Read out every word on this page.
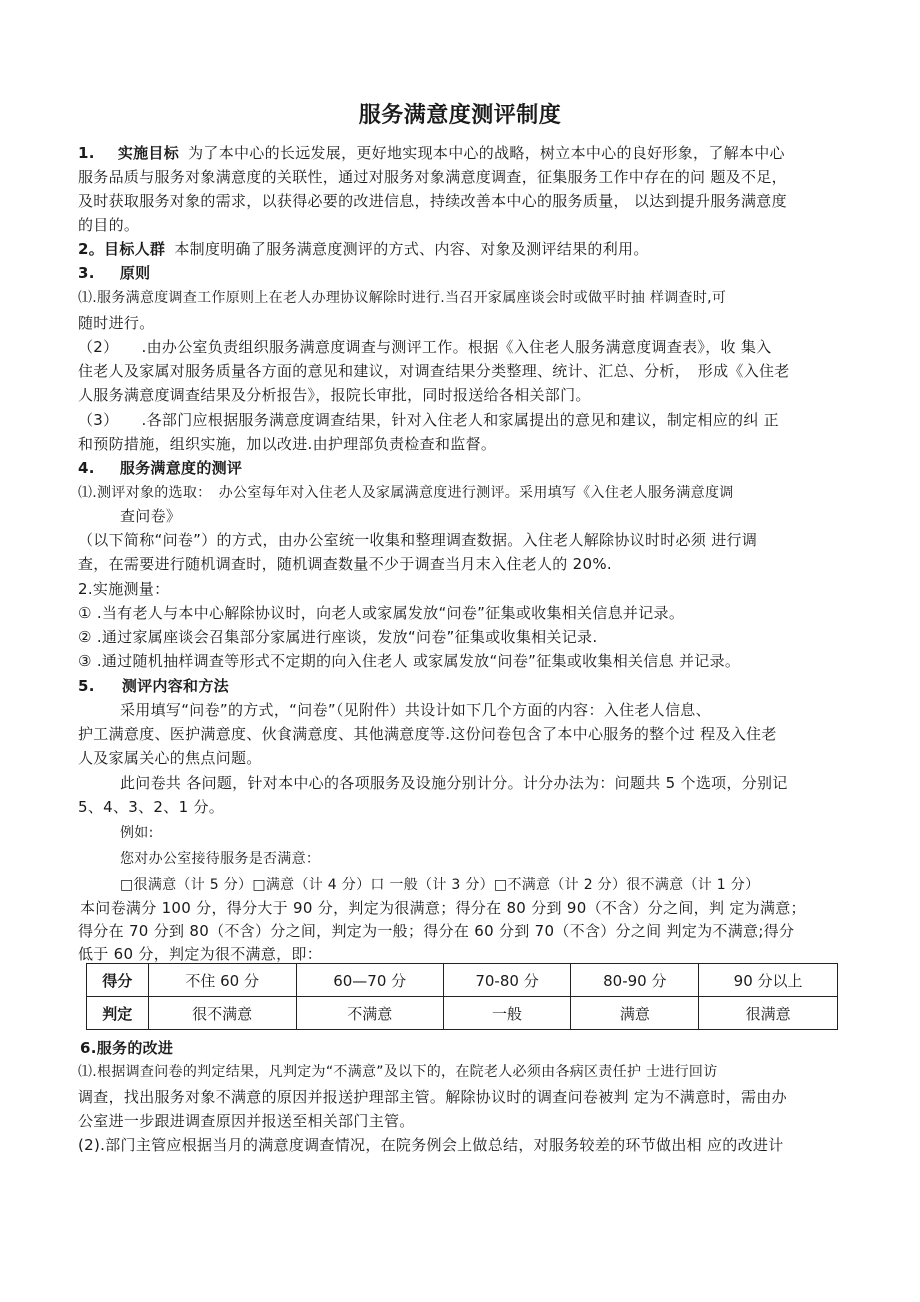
服务满意度测评制度
1. 实施目标 为了本中心的长远发展，更好地实现本中心的战略，树立本中心的良好形象，了解本中心
服务品质与服务对象满意度的关联性，通过对服务对象满意度调查，征集服务工作中存在的问 题及不足，
及时获取服务对象的需求，以获得必要的改进信息，持续改善本中心的服务质量， 以达到提升服务满意度
的目的。
2。目标人群 本制度明确了服务满意度测评的方式、内容、对象及测评结果的利用。
3. 原则
⑴.服务满意度调查工作原则上在老人办理协议解除时进行.当召开家属座谈会时或做平时抽 样调查时,可
随时进行。
（2）　　.由办公室负责组织服务满意度调查与测评工作。根据《入住老人服务满意度调查表》，收 集入
住老人及家属对服务质量各方面的意见和建议，对调查结果分类整理、统计、汇总、分析，　形成《入住老
人服务满意度调查结果及分析报告》，报院长审批，同时报送给各相关部门。
（3）　　.各部门应根据服务满意度调查结果，针对入住老人和家属提出的意见和建议，制定相应的纠 正
和预防措施，组织实施，加以改进.由护理部负责检查和监督。
4. 服务满意度的测评
⑴.测评对象的选取：　办公室每年对入住老人及家属满意度进行测评。采用填写《入住老人服务满意度调
查问卷》
（以下简称“问卷”）的方式，由办公室统一收集和整理调查数据。入住老人解除协议时时必须 进行调
查，在需要进行随机调查时，随机调查数量不少于调查当月末入住老人的 20%.
2.实施测量：
① .当有老人与本中心解除协议时，向老人或家属发放“问卷”征集或收集相关信息并记录。
② .通过家属座谈会召集部分家属进行座谈，发放“问卷”征集或收集相关记录.
③ .通过随机抽样调查等形式不定期的向入住老人 或家属发放“问卷”征集或收集相关信息 并记录。
5. 测评内容和方法
采用填写“问卷”的方式，“问卷”（见附件）共设计如下几个方面的内容：入住老人信息、
护工满意度、医护满意度、伙食满意度、其他满意度等.这份问卷包含了本中心服务的整个过 程及入住老
人及家属关心的焦点问题。
此问卷共 各问题，针对本中心的各项服务及设施分别计分。计分办法为：问题共 5 个选项，分别记
5、4、3、2、1 分。
例如:
您对办公室接待服务是否满意：
□很满意（计 5 分）□满意（计 4 分）口 一般（计 3 分）□不满意（计 2 分）很不满意（计 1 分）
本问卷满分 100 分，得分大于 90 分，判定为很满意；得分在 80 分到 90（不含）分之间，判 定为满意；
得分在 70 分到 80（不含）分之间，判定为一般；得分在 60 分到 70（不含）分之间 判定为不满意;得分
低于 60 分，判定为很不满意，即：
得分	不住 60 分	60—70 分	70-80 分	80-90 分	90 分以上
判定	很不满意	不满意	一般	满意	很满意
6.服务的改进
⑴.根据调查问卷的判定结果，凡判定为“不满意”及以下的，在院老人必须由各病区责任护 士进行回访
调查，找出服务对象不满意的原因并报送护理部主管。解除协议时的调查问卷被判 定为不满意时，需由办
公室进一步跟进调查原因并报送至相关部门主管。
(2).部门主管应根据当月的满意度调查情况，在院务例会上做总结，对服务较差的环节做出相 应的改进计
